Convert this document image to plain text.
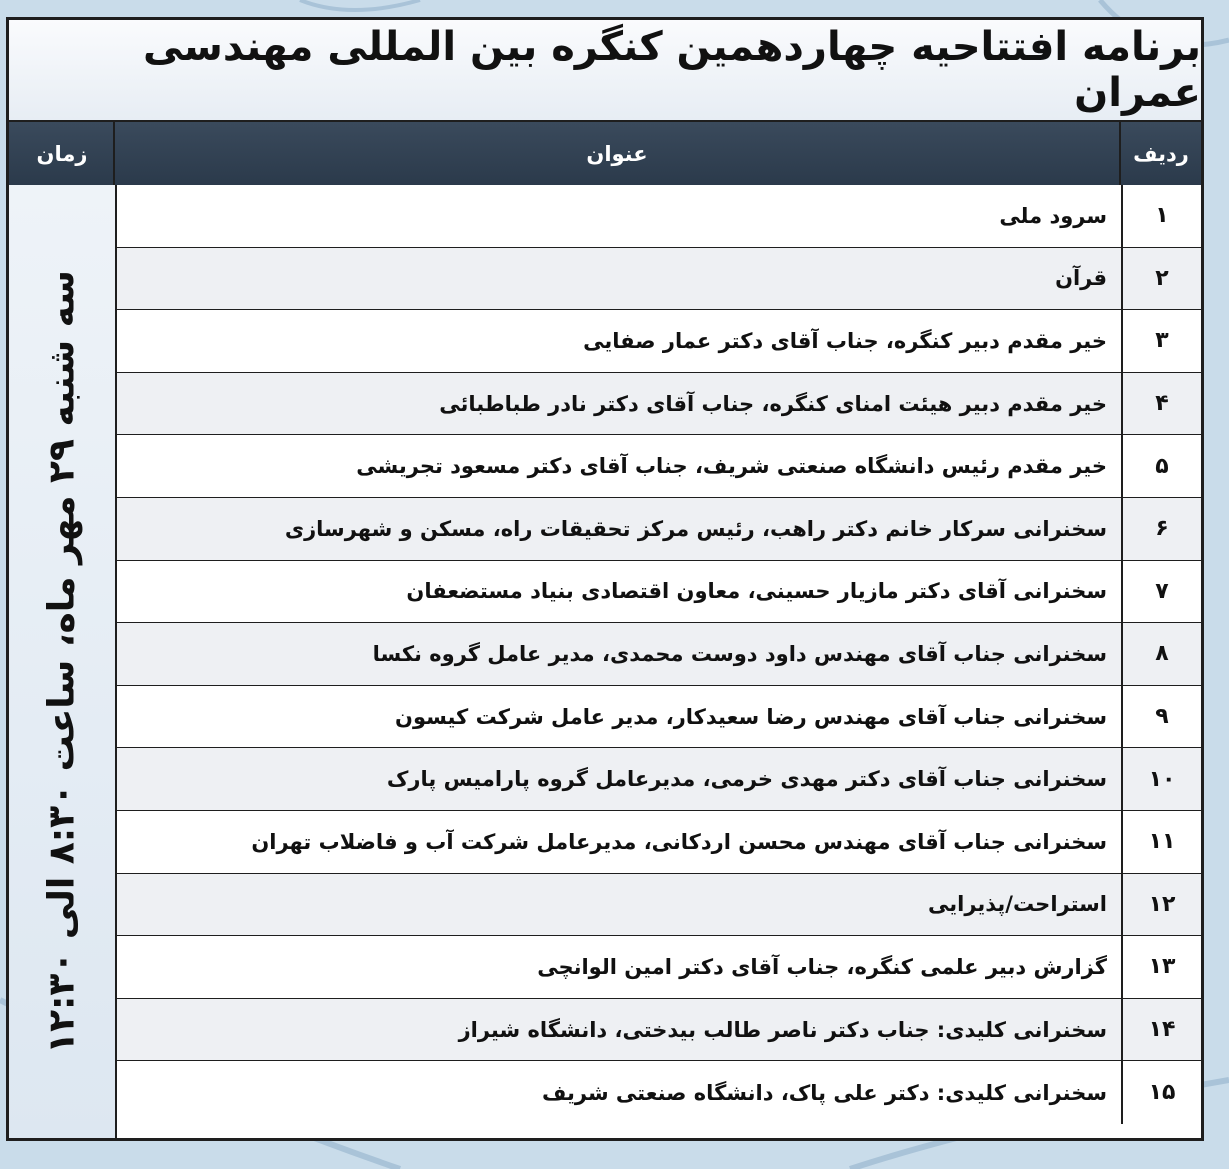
برنامه افتتاحیه چهاردهمین کنگره بین المللی مهندسی عمران
ردیف
عنوان
زمان
سه شنبه ۲۹ مهر ماه، ساعت ۸:۳۰ الی ۱۲:۳۰
۱
سرود ملی
۲
قرآن
۳
خیر مقدم دبیر کنگره، جناب آقای دکتر عمار صفایی
۴
خیر مقدم دبیر هیئت امنای کنگره، جناب آقای دکتر نادر طباطبائی
۵
خیر مقدم رئیس دانشگاه صنعتی شریف، جناب آقای دکتر مسعود تجریشی
۶
سخنرانی سرکار خانم دکتر راهب، رئیس مرکز تحقیقات راه، مسکن و شهرسازی
۷
سخنرانی آقای دکتر مازیار حسینی، معاون اقتصادی بنیاد مستضعفان
۸
سخنرانی جناب آقای مهندس داود دوست محمدی، مدیر عامل گروه نکسا
۹
سخنرانی جناب آقای مهندس رضا سعیدکار، مدیر عامل شرکت کیسون
۱۰
سخنرانی جناب آقای دکتر مهدی خرمی، مدیرعامل گروه پارامیس پارک
۱۱
سخنرانی جناب آقای مهندس محسن اردکانی، مدیرعامل شرکت آب و فاضلاب تهران
۱۲
استراحت/پذیرایی
۱۳
گزارش دبیر علمی کنگره، جناب آقای دکتر امین الوانچی
۱۴
سخنرانی کلیدی: جناب دکتر ناصر طالب بیدختی، دانشگاه شیراز
۱۵
سخنرانی کلیدی: دکتر علی پاک، دانشگاه صنعتی شریف
